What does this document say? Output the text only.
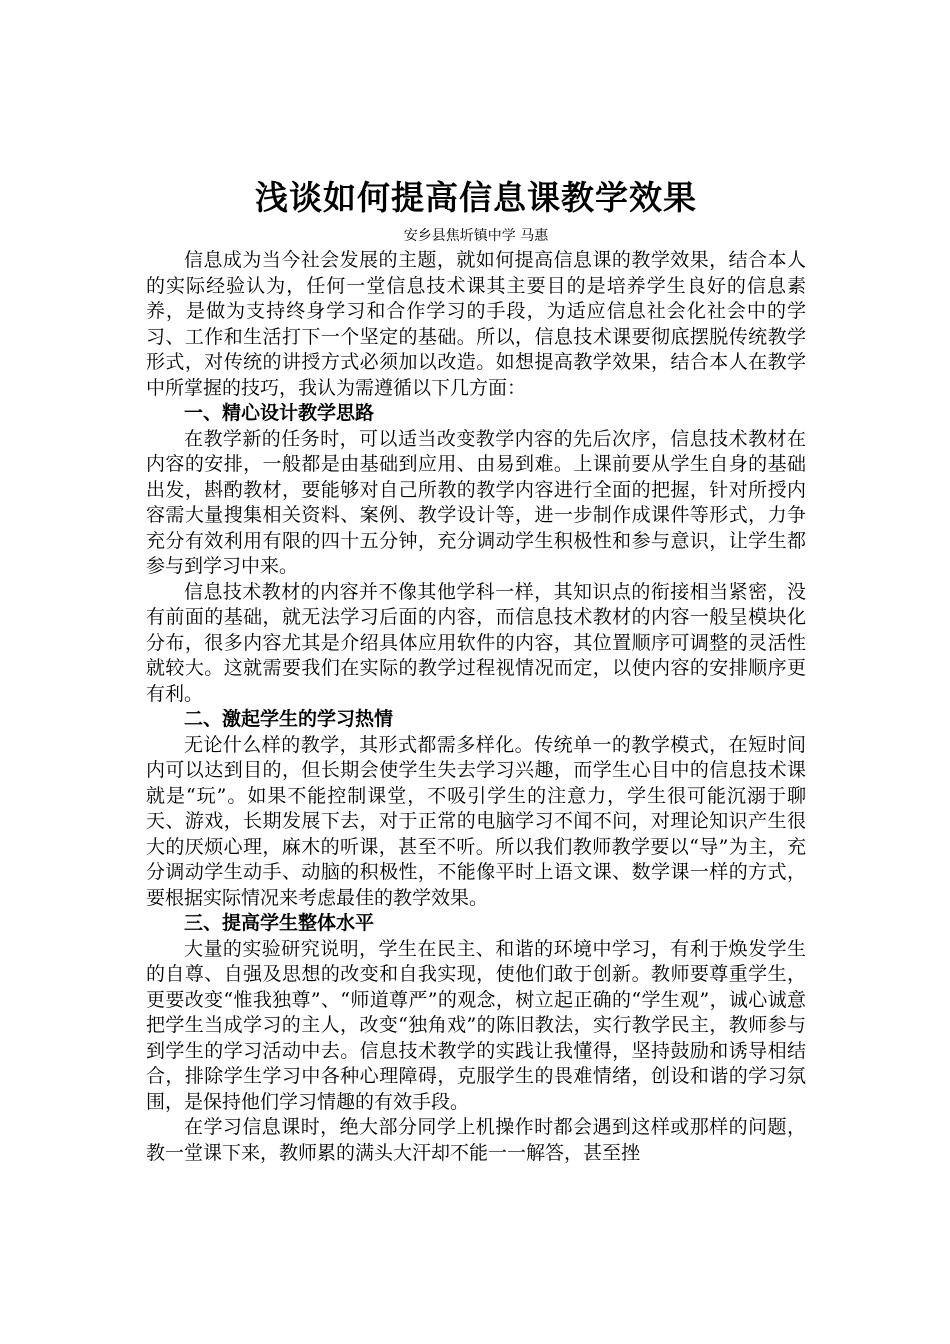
浅谈如何提高信息课教学效果

安乡县焦圻镇中学 马惠

信息成为当今社会发展的主题，就如何提高信息课的教学效果，结合本人的实际经验认为，任何一堂信息技术课其主要目的是培养学生良好的信息素养，是做为支持终身学习和合作学习的手段，为适应信息社会化社会中的学习、工作和生活打下一个坚定的基础。所以，信息技术课要彻底摆脱传统教学形式，对传统的讲授方式必须加以改造。如想提高教学效果，结合本人在教学中所掌握的技巧，我认为需遵循以下几方面：

一、精心设计教学思路

在教学新的任务时，可以适当改变教学内容的先后次序，信息技术教材在内容的安排，一般都是由基础到应用、由易到难。上课前要从学生自身的基础出发，斟酌教材，要能够对自己所教的教学内容进行全面的把握，针对所授内容需大量搜集相关资料、案例、教学设计等，进一步制作成课件等形式，力争充分有效利用有限的四十五分钟，充分调动学生积极性和参与意识，让学生都参与到学习中来。

信息技术教材的内容并不像其他学科一样，其知识点的衔接相当紧密，没有前面的基础，就无法学习后面的内容，而信息技术教材的内容一般呈模块化分布，很多内容尤其是介绍具体应用软件的内容，其位置顺序可调整的灵活性就较大。这就需要我们在实际的教学过程视情况而定，以使内容的安排顺序更有利。

二、激起学生的学习热情

无论什么样的教学，其形式都需多样化。传统单一的教学模式，在短时间内可以达到目的，但长期会使学生失去学习兴趣，而学生心目中的信息技术课就是“玩”。如果不能控制课堂，不吸引学生的注意力，学生很可能沉溺于聊天、游戏，长期发展下去，对于正常的电脑学习不闻不问，对理论知识产生很大的厌烦心理，麻木的听课，甚至不听。所以我们教师教学要以“导”为主，充分调动学生动手、动脑的积极性，不能像平时上语文课、数学课一样的方式，要根据实际情况来考虑最佳的教学效果。

三、提高学生整体水平

大量的实验研究说明，学生在民主、和谐的环境中学习，有利于焕发学生的自尊、自强及思想的改变和自我实现，使他们敢于创新。教师要尊重学生，更要改变“惟我独尊”、“师道尊严”的观念，树立起正确的“学生观”，诚心诚意把学生当成学习的主人，改变“独角戏”的陈旧教法，实行教学民主，教师参与到学生的学习活动中去。信息技术教学的实践让我懂得，坚持鼓励和诱导相结合，排除学生学习中各种心理障碍，克服学生的畏难情绪，创设和谐的学习氛围，是保持他们学习情趣的有效手段。

在学习信息课时，绝大部分同学上机操作时都会遇到这样或那样的问题，教一堂课下来，教师累的满头大汗却不能一一解答，甚至挫
